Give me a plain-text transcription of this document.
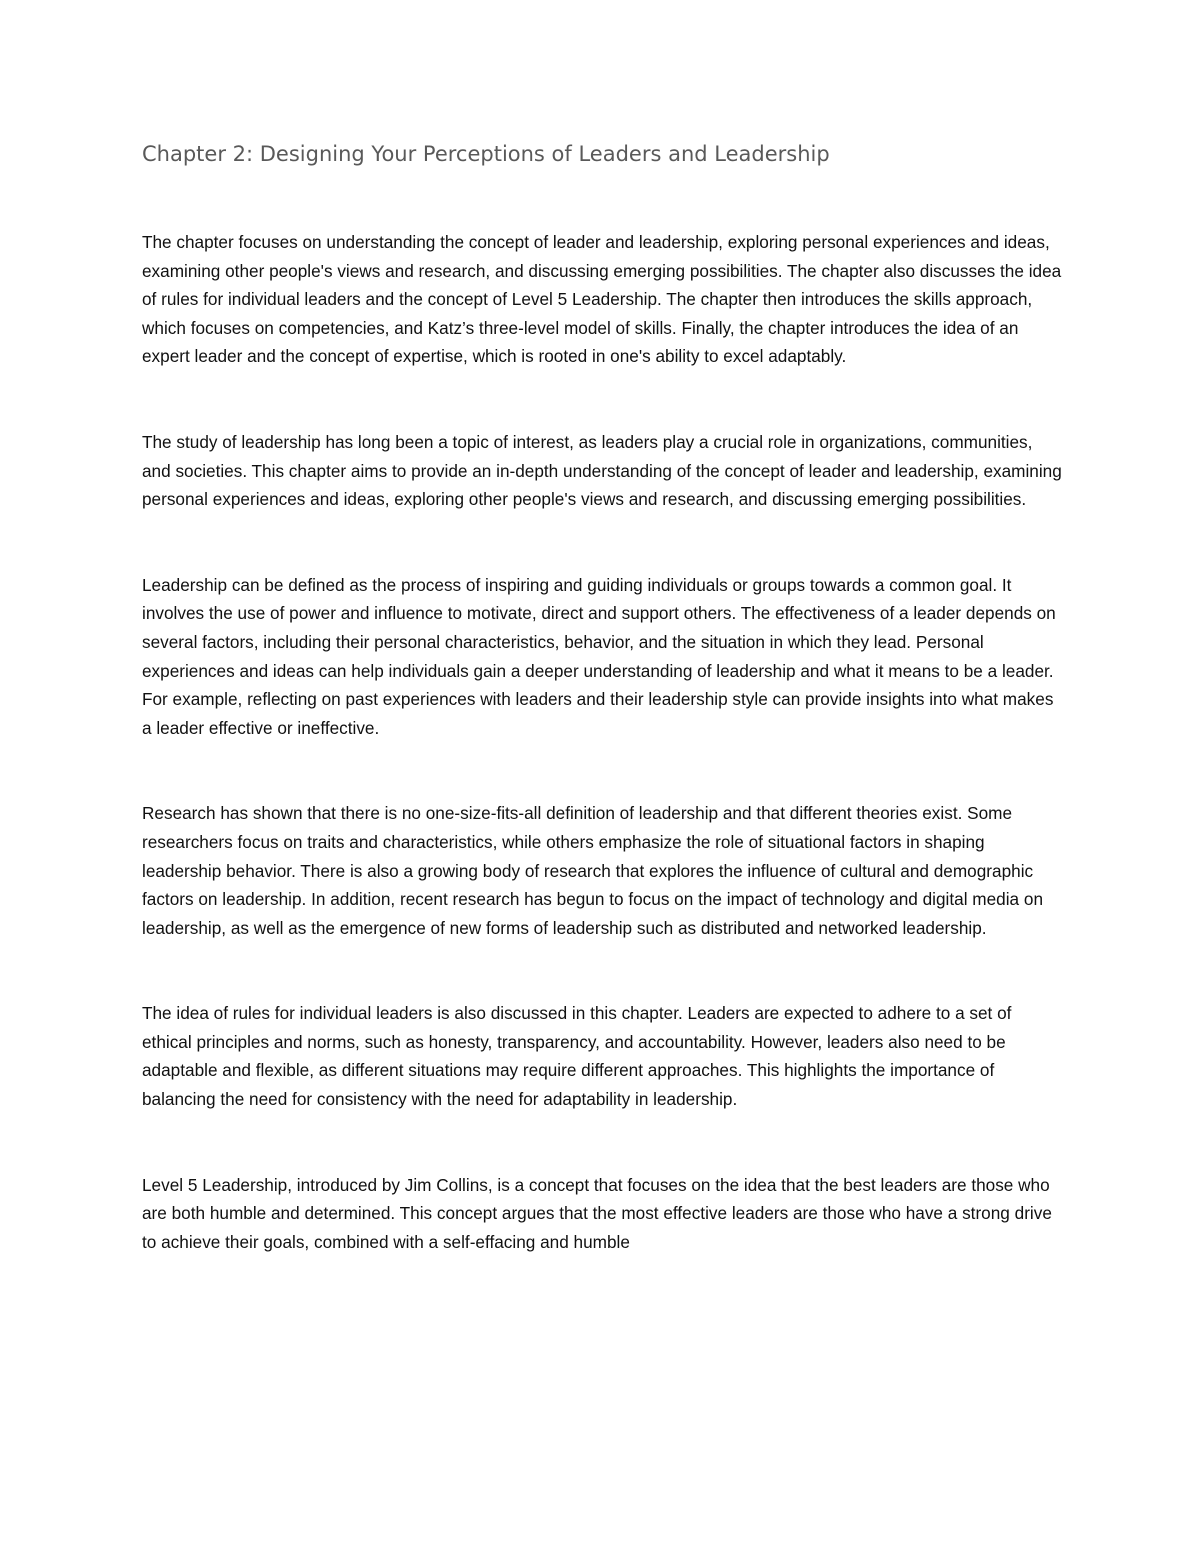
Chapter 2: Designing Your Perceptions of Leaders and Leadership

The chapter focuses on understanding the concept of leader and leadership, exploring personal experiences and ideas, examining other people's views and research, and discussing emerging possibilities. The chapter also discusses the idea of rules for individual leaders and the concept of Level 5 Leadership. The chapter then introduces the skills approach, which focuses on competencies, and Katz’s three-level model of skills. Finally, the chapter introduces the idea of an expert leader and the concept of expertise, which is rooted in one's ability to excel adaptably.

The study of leadership has long been a topic of interest, as leaders play a crucial role in organizations, communities, and societies. This chapter aims to provide an in-depth understanding of the concept of leader and leadership, examining personal experiences and ideas, exploring other people's views and research, and discussing emerging possibilities.

Leadership can be defined as the process of inspiring and guiding individuals or groups towards a common goal. It involves the use of power and influence to motivate, direct and support others. The effectiveness of a leader depends on several factors, including their personal characteristics, behavior, and the situation in which they lead. Personal experiences and ideas can help individuals gain a deeper understanding of leadership and what it means to be a leader. For example, reflecting on past experiences with leaders and their leadership style can provide insights into what makes a leader effective or ineffective.

Research has shown that there is no one-size-fits-all definition of leadership and that different theories exist. Some researchers focus on traits and characteristics, while others emphasize the role of situational factors in shaping leadership behavior. There is also a growing body of research that explores the influence of cultural and demographic factors on leadership. In addition, recent research has begun to focus on the impact of technology and digital media on leadership, as well as the emergence of new forms of leadership such as distributed and networked leadership.

The idea of rules for individual leaders is also discussed in this chapter. Leaders are expected to adhere to a set of ethical principles and norms, such as honesty, transparency, and accountability. However, leaders also need to be adaptable and flexible, as different situations may require different approaches. This highlights the importance of balancing the need for consistency with the need for adaptability in leadership.

Level 5 Leadership, introduced by Jim Collins, is a concept that focuses on the idea that the best leaders are those who are both humble and determined. This concept argues that the most effective leaders are those who have a strong drive to achieve their goals, combined with a self-effacing and humble
